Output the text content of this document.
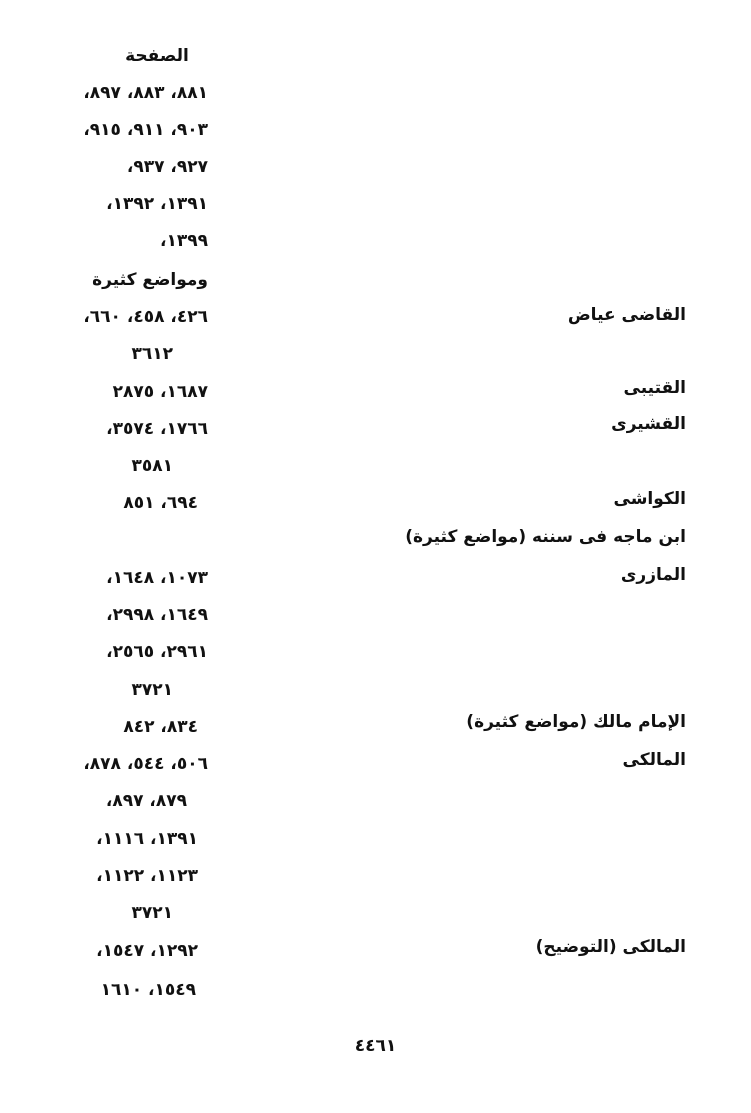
الصفحة
٨٨١، ٨٨٣، ٨٩٧،
٩٠٣، ٩١١، ٩١٥،
٩٢٧، ٩٣٧،
١٣٩١، ١٣٩٢،
١٣٩٩،
ومواضع كثيرة
٤٢٦، ٤٥٨، ٦٦٠،
٣٦١٢
١٦٨٧، ٢٨٧٥
١٧٦٦، ٣٥٧٤،
٣٥٨١
٦٩٤، ٨٥١
١٠٧٣، ١٦٤٨،
١٦٤٩، ٢٩٩٨،
٢٩٦١، ٢٥٦٥،
٣٧٢١
٨٣٤، ٨٤٢
٥٠٦، ٥٤٤، ٨٧٨،
٨٧٩، ٨٩٧،
١٣٩١، ١١١٦،
١١٢٣، ١١٢٢،
٣٧٢١
١٢٩٢، ١٥٤٧،
١٥٤٩، ١٦١٠
القاضى عياض
القتيبى
القشيرى
الكواشى
ابن ماجه فى سننه (مواضع كثيرة)
المازرى
الإمام مالك (مواضع كثيرة)
المالكى
المالكى (التوضيح)
٤٤٦١
